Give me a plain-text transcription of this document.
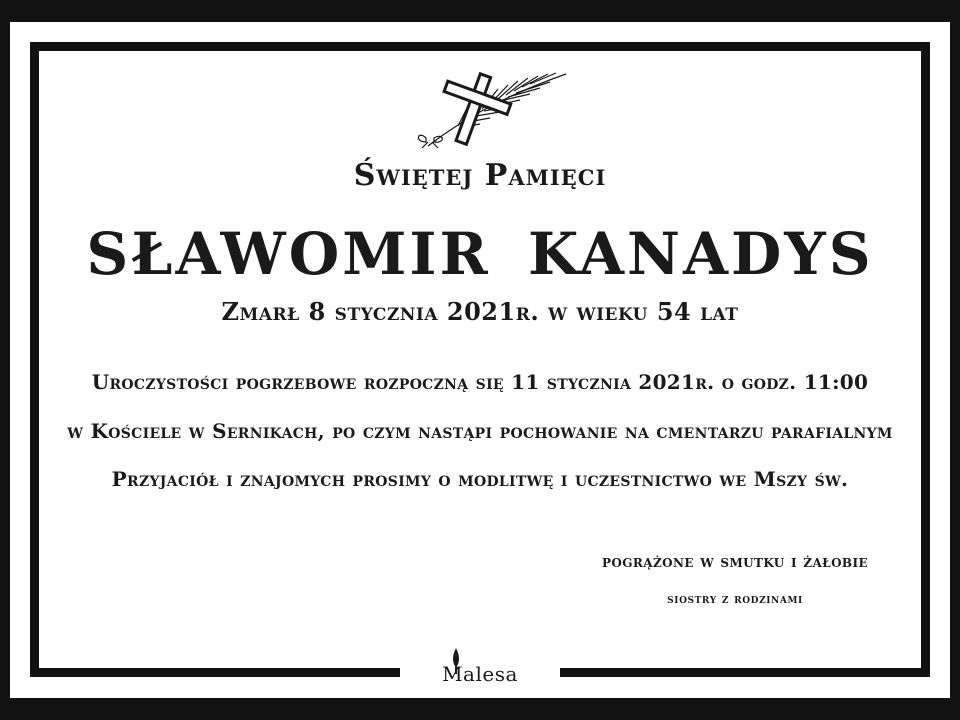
Świętej Pamięci
SŁAWOMIR KANADYS
Zmarł 8 stycznia 2021r. w wieku 54 lat
Uroczystości pogrzebowe rozpoczną się 11 stycznia 2021r. o godz. 11:00
w Kościele w Sernikach, po czym nastąpi pochowanie na cmentarzu parafialnym
Przyjaciół i znajomych prosimy o modlitwę i uczestnictwo we Mszy św.
pogrążone w smutku i żałobie
siostry z rodzinami
Malesa
